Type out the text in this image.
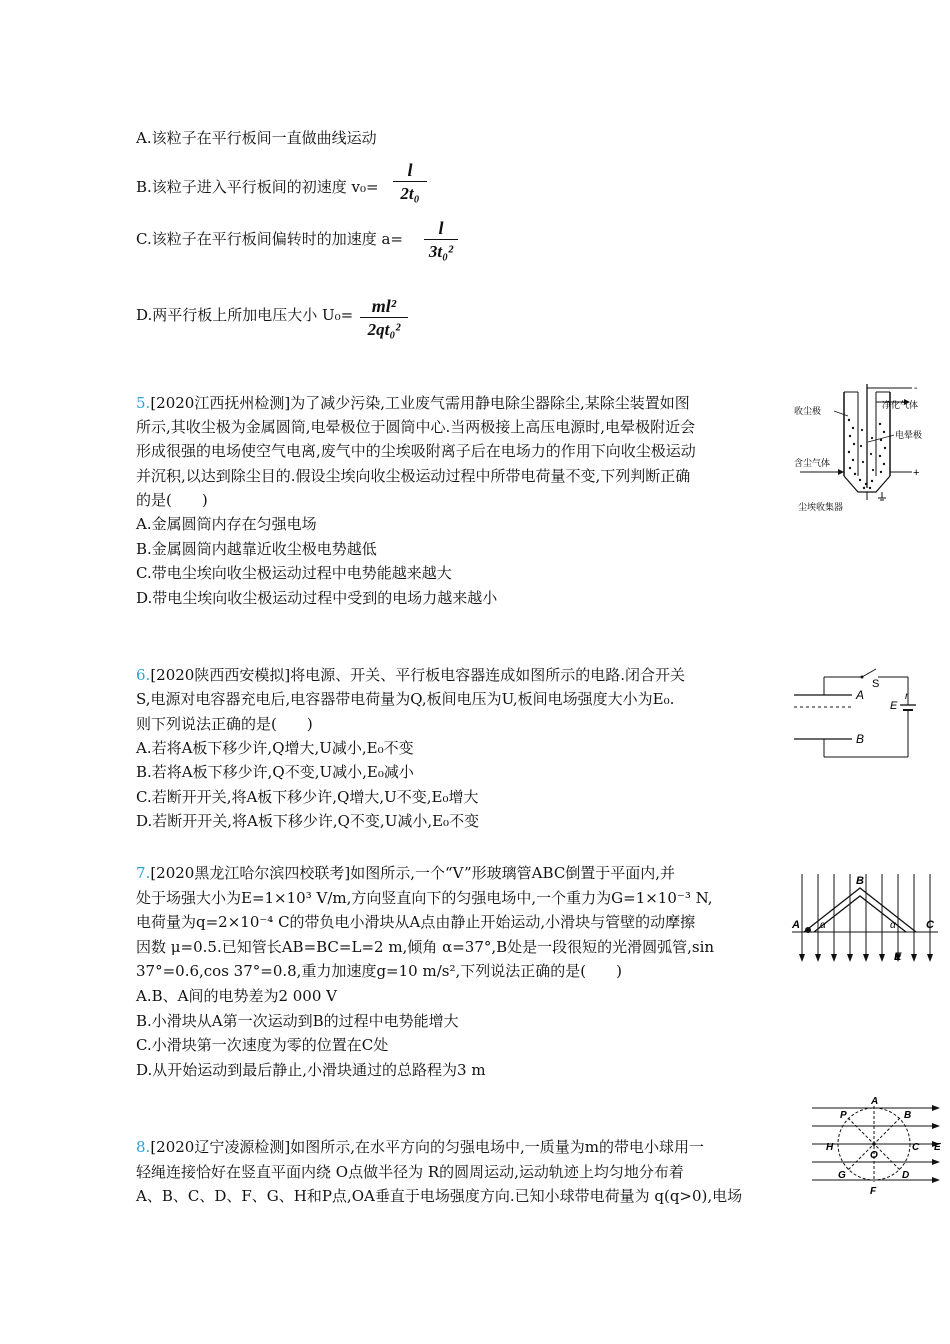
A.该粒子在平行板间一直做曲线运动
B.该粒子进入平行板间的初速度 v₀=
l
2t₀
C.该粒子在平行板间偏转时的加速度 a=
l
3t₀²
D.两平行板上所加电压大小 U₀=	ml²
2qt₀²
5.[2020江西抚州检测]为了减少污染,工业废气需用静电除尘器除尘,某除尘装置如图
所示,其收尘极为金属圆筒,电晕极位于圆筒中心.当两极接上高压电源时,电晕极附近会
形成很强的电场使空气电离,废气中的尘埃吸附离子后在电场力的作用下向收尘极运动
并沉积,以达到除尘目的.假设尘埃向收尘极运动过程中所带电荷量不变,下列判断正确
的是(　　)
A.金属圆筒内存在匀强电场
B.金属圆筒内越靠近收尘极电势越低
C.带电尘埃向收尘极运动过程中电势能越来越大
D.带电尘埃向收尘极运动过程中受到的电场力越来越小
-
+
收尘极
净化气体
电晕极
含尘气体
尘埃收集器
6.[2020陕西西安模拟]将电源、开关、平行板电容器连成如图所示的电路.闭合开关
S,电源对电容器充电后,电容器带电荷量为Q,板间电压为U,板间电场强度大小为E₀.
则下列说法正确的是(　　)
A.若将A板下移少许,Q增大,U减小,E₀不变
B.若将A板下移少许,Q不变,U减小,E₀减小
C.若断开开关,将A板下移少许,Q增大,U不变,E₀增大
D.若断开开关,将A板下移少许,Q不变,U减小,E₀不变
A
B
S
E
r
7.[2020黑龙江哈尔滨四校联考]如图所示,一个“V”形玻璃管ABC倒置于平面内,并
处于场强大小为E=1×10³ V/m,方向竖直向下的匀强电场中,一个重力为G=1×10⁻³ N,
电荷量为q=2×10⁻⁴ C的带负电小滑块从A点由静止开始运动,小滑块与管壁的动摩擦
因数 μ=0.5.已知管长AB=BC=L=2 m,倾角 α=37°,B处是一段很短的光滑圆弧管,sin
37°=0.6,cos 37°=0.8,重力加速度g=10 m/s²,下列说法正确的是(　　)
A.B、A间的电势差为2 000 V
B.小滑块从A第一次运动到B的过程中电势能增大
C.小滑块第一次速度为零的位置在C处
D.从开始运动到最后静止,小滑块通过的总路程为3 m
A
B
C
α	α
E
8.[2020辽宁凌源检测]如图所示,在水平方向的匀强电场中,一质量为m的带电小球用一
轻绳连接恰好在竖直平面内绕 O点做半径为 R的圆周运动,运动轨迹上均匀地分布着
A、B、C、D、F、G、H和P点,OA垂直于电场强度方向.已知小球带电荷量为 q(q>0),电场
A
B
C
D
E
F
G
H
P
O
